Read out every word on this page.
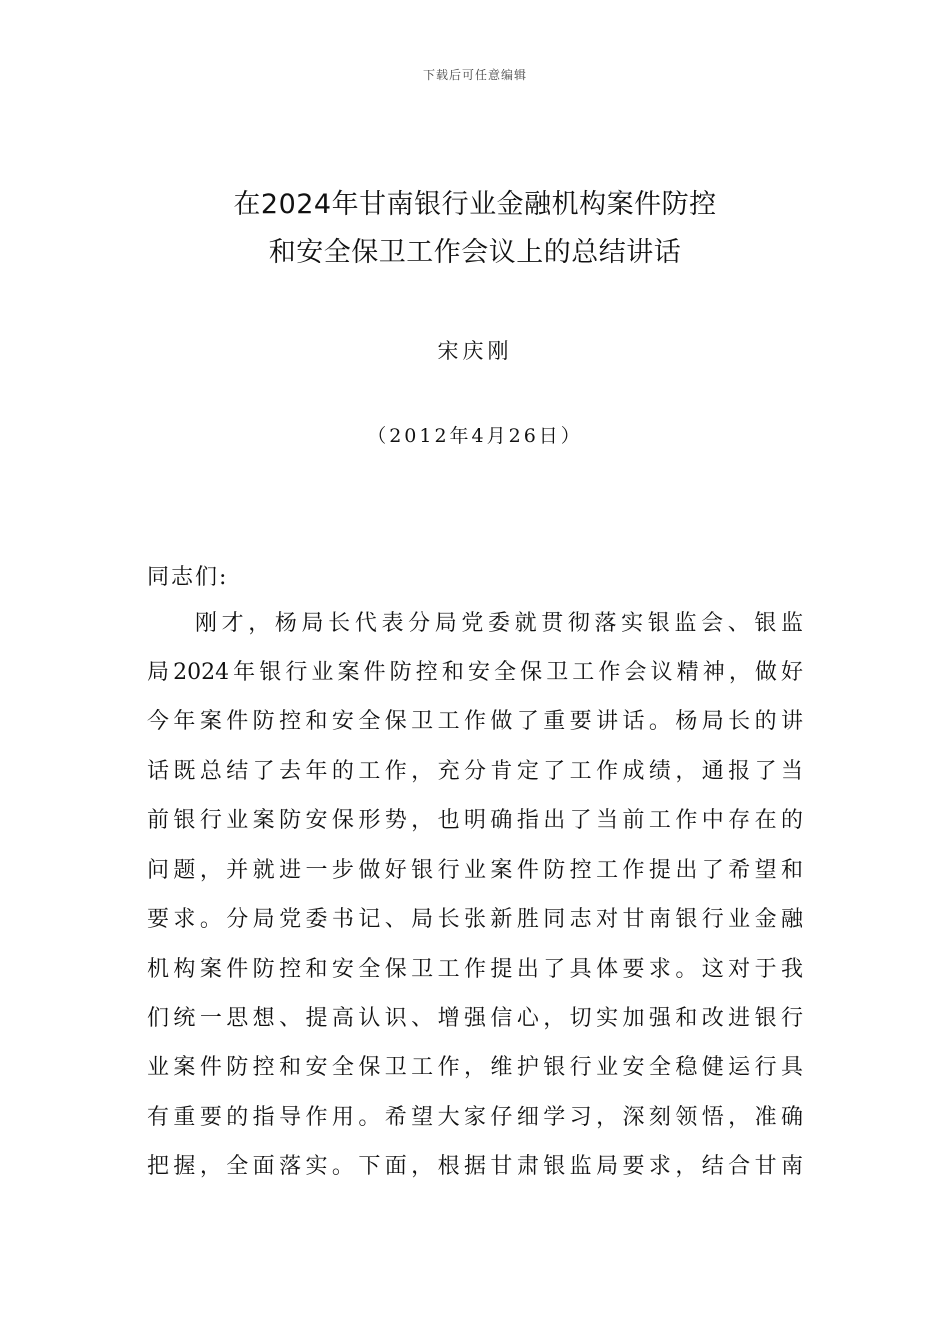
下载后可任意编辑
在2024年甘南银行业金融机构案件防控
和安全保卫工作会议上的总结讲话
宋庆刚
（2012年4月26日）
同志们:
刚才，杨局长代表分局党委就贯彻落实银监会、银监
局2024年银行业案件防控和安全保卫工作会议精神，做好
今年案件防控和安全保卫工作做了重要讲话。杨局长的讲
话既总结了去年的工作，充分肯定了工作成绩，通报了当
前银行业案防安保形势，也明确指出了当前工作中存在的
问题，并就进一步做好银行业案件防控工作提出了希望和
要求。分局党委书记、局长张新胜同志对甘南银行业金融
机构案件防控和安全保卫工作提出了具体要求。这对于我
们统一思想、提高认识、增强信心，切实加强和改进银行
业案件防控和安全保卫工作，维护银行业安全稳健运行具
有重要的指导作用。希望大家仔细学习，深刻领悟，准确
把握，全面落实。下面，根据甘肃银监局要求，结合甘南
